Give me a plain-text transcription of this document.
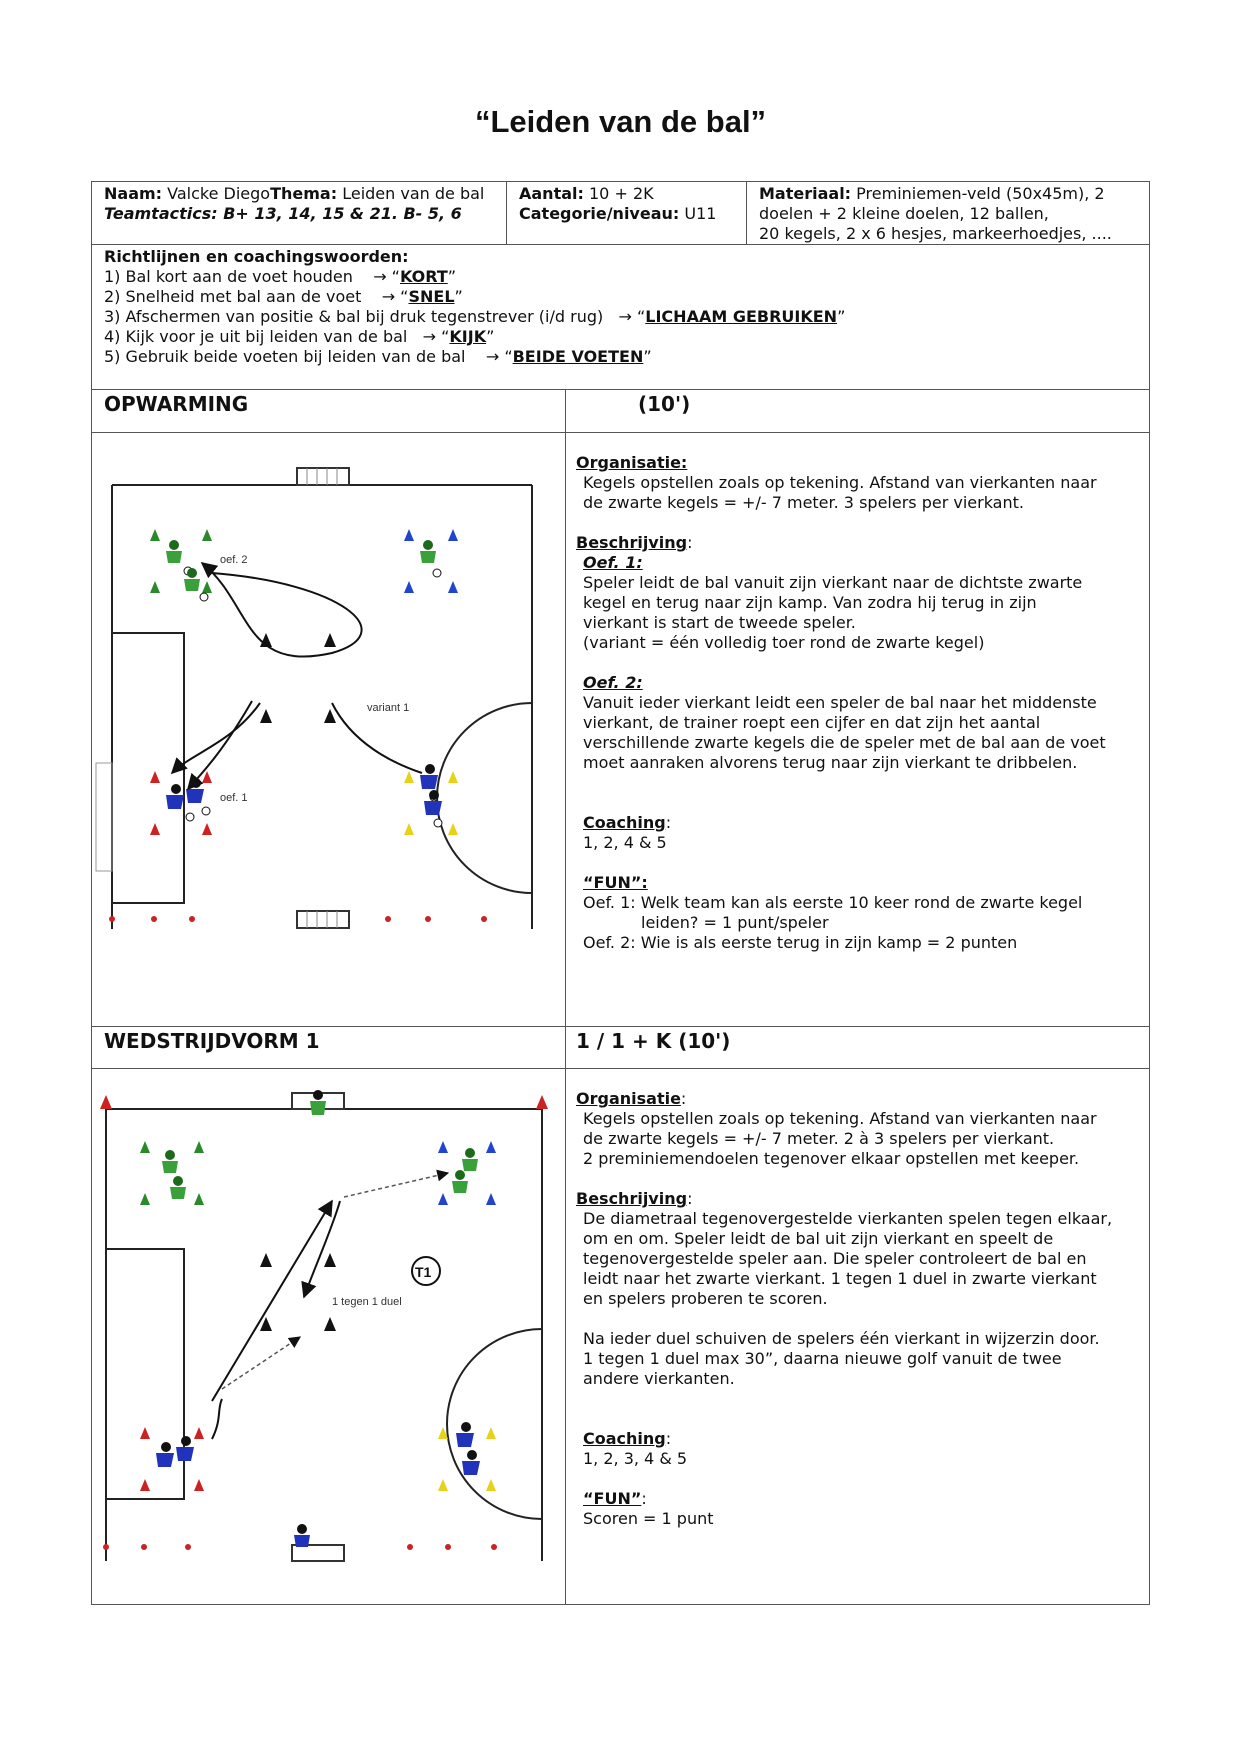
“Leiden van de bal”
Naam: Valcke DiegoThema: Leiden van de bal
Teamtactics: B+ 13, 14, 15 & 21. B- 5, 6
Aantal: 10 + 2K
Categorie/niveau: U11
Materiaal: Preminiemen-veld (50x45m), 2
doelen + 2 kleine doelen, 12 ballen,
20 kegels, 2 x 6 hesjes, markeerhoedjes, ....
Richtlijnen en coachingswoorden:
1) Bal kort aan de voet houden    → “KORT”
2) Snelheid met bal aan de voet    → “SNEL”
3) Afschermen van positie & bal bij druk tegenstrever (i/d rug)   → “LICHAAM GEBRUIKEN”
4) Kijk voor je uit bij leiden van de bal   → “KIJK”
5) Gebruik beide voeten bij leiden van de bal    → “BEIDE VOETEN”
OPWARMING	(10')
oef. 2
variant 1
oef. 1
Organisatie:
Kegels opstellen zoals op tekening. Afstand van vierkanten naar
de zwarte kegels = +/- 7 meter. 3 spelers per vierkant.
Beschrijving:
Oef. 1:
Speler leidt de bal vanuit zijn vierkant naar de dichtste zwarte
kegel en terug naar zijn kamp. Van zodra hij terug in zijn
vierkant is start de tweede speler.
(variant = één volledig toer rond de zwarte kegel)
Oef. 2:
Vanuit ieder vierkant leidt een speler de bal naar het middenste
vierkant, de trainer roept een cijfer en dat zijn het aantal
verschillende zwarte kegels die de speler met de bal aan de voet
moet aanraken alvorens terug naar zijn vierkant te dribbelen.
Coaching:
1, 2, 4 & 5
“FUN”:
Oef. 1: Welk team kan als eerste 10 keer rond de zwarte kegel
leiden? = 1 punt/speler
Oef. 2: Wie is als eerste terug in zijn kamp = 2 punten
WEDSTRIJDVORM 1	1 / 1 + K (10')
T1
1 tegen 1 duel
Organisatie:
Kegels opstellen zoals op tekening. Afstand van vierkanten naar
de zwarte kegels = +/- 7 meter. 2 à 3 spelers per vierkant.
2 preminiemendoelen tegenover elkaar opstellen met keeper.
Beschrijving:
De diametraal tegenovergestelde vierkanten spelen tegen elkaar,
om en om. Speler leidt de bal uit zijn vierkant en speelt de
tegenovergestelde speler aan. Die speler controleert de bal en
leidt naar het zwarte vierkant. 1 tegen 1 duel in zwarte vierkant
en spelers proberen te scoren.
Na ieder duel schuiven de spelers één vierkant in wijzerzin door.
1 tegen 1 duel max 30”, daarna nieuwe golf vanuit de twee
andere vierkanten.
Coaching:
1, 2, 3, 4 & 5
“FUN”:
Scoren = 1 punt
